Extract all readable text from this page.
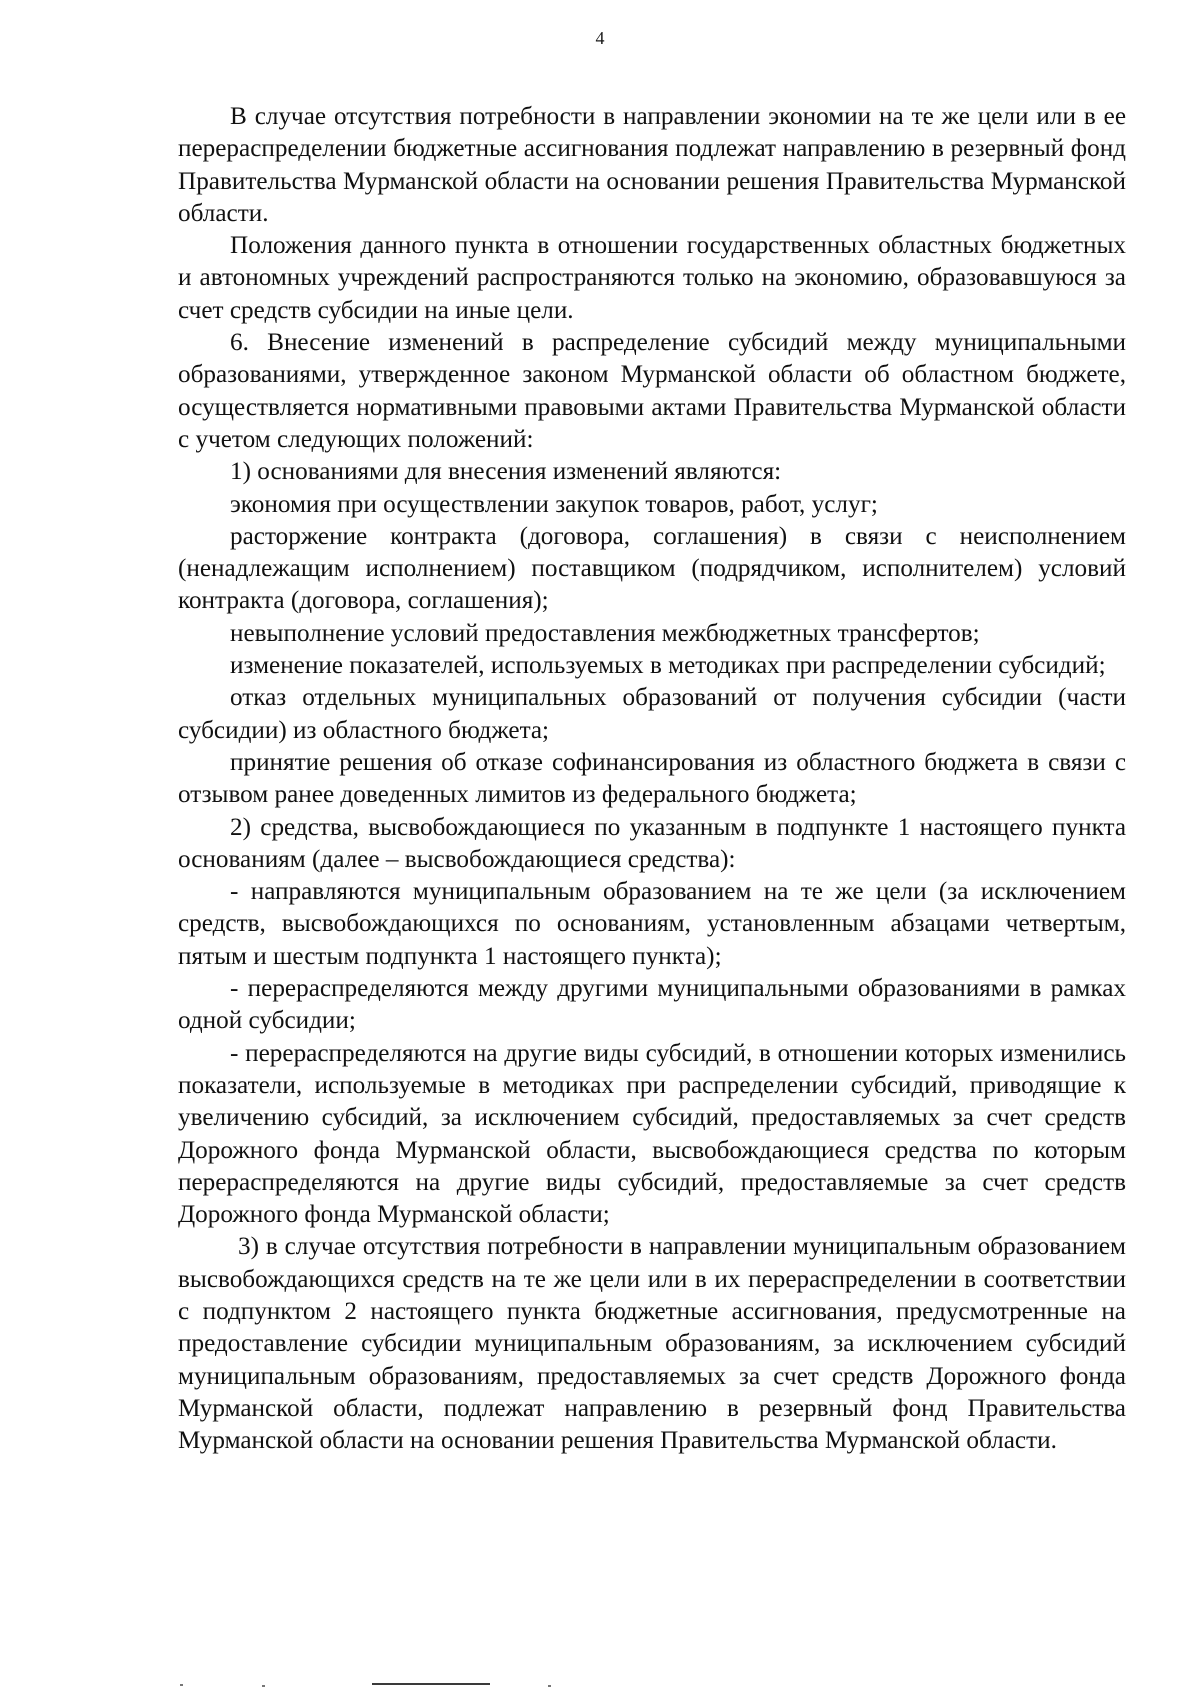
4

В случае отсутствия потребности в направлении экономии на те же цели или в ее перераспределении бюджетные ассигнования подлежат направлению в резервный фонд Правительства Мурманской области на основании решения Правительства Мурманской области.

Положения данного пункта в отношении государственных областных бюджетных и автономных учреждений распространяются только на экономию, образовавшуюся за счет средств субсидии на иные цели.

6. Внесение изменений в распределение субсидий между муниципальными образованиями, утвержденное законом Мурманской области об областном бюджете, осуществляется нормативными правовыми актами Правительства Мурманской области с учетом следующих положений:

1) основаниями для внесения изменений являются:

экономия при осуществлении закупок товаров, работ, услуг;

расторжение контракта (договора, соглашения) в связи с неисполнением (ненадлежащим исполнением) поставщиком (подрядчиком, исполнителем) условий контракта (договора, соглашения);

невыполнение условий предоставления межбюджетных трансфертов;

изменение показателей, используемых в методиках при распределении субсидий;

отказ отдельных муниципальных образований от получения субсидии (части субсидии) из областного бюджета;

принятие решения об отказе софинансирования из областного бюджета в связи с отзывом ранее доведенных лимитов из федерального бюджета;

2) средства, высвобождающиеся по указанным в подпункте 1 настоящего пункта основаниям (далее – высвобождающиеся средства):

- направляются муниципальным образованием на те же цели (за исключением средств, высвобождающихся по основаниям, установленным абзацами четвертым, пятым и шестым подпункта 1 настоящего пункта);

- перераспределяются между другими муниципальными образованиями в рамках одной субсидии;

- перераспределяются на другие виды субсидий, в отношении которых изменились показатели, используемые в методиках при распределении субсидий, приводящие к увеличению субсидий, за исключением субсидий, предоставляемых за счет средств Дорожного фонда Мурманской области, высвобождающиеся средства по которым перераспределяются на другие виды субсидий, предоставляемые за счет средств Дорожного фонда Мурманской области;

3) в случае отсутствия потребности в направлении муниципальным образованием высвобождающихся средств на те же цели или в их перераспределении в соответствии с подпунктом 2 настоящего пункта бюджетные ассигнования, предусмотренные на предоставление субсидии муниципальным образованиям, за исключением субсидий муниципальным образованиям, предоставляемых за счет средств Дорожного фонда Мурманской области, подлежат направлению в резервный фонд Правительства Мурманской области на основании решения Правительства Мурманской области.
